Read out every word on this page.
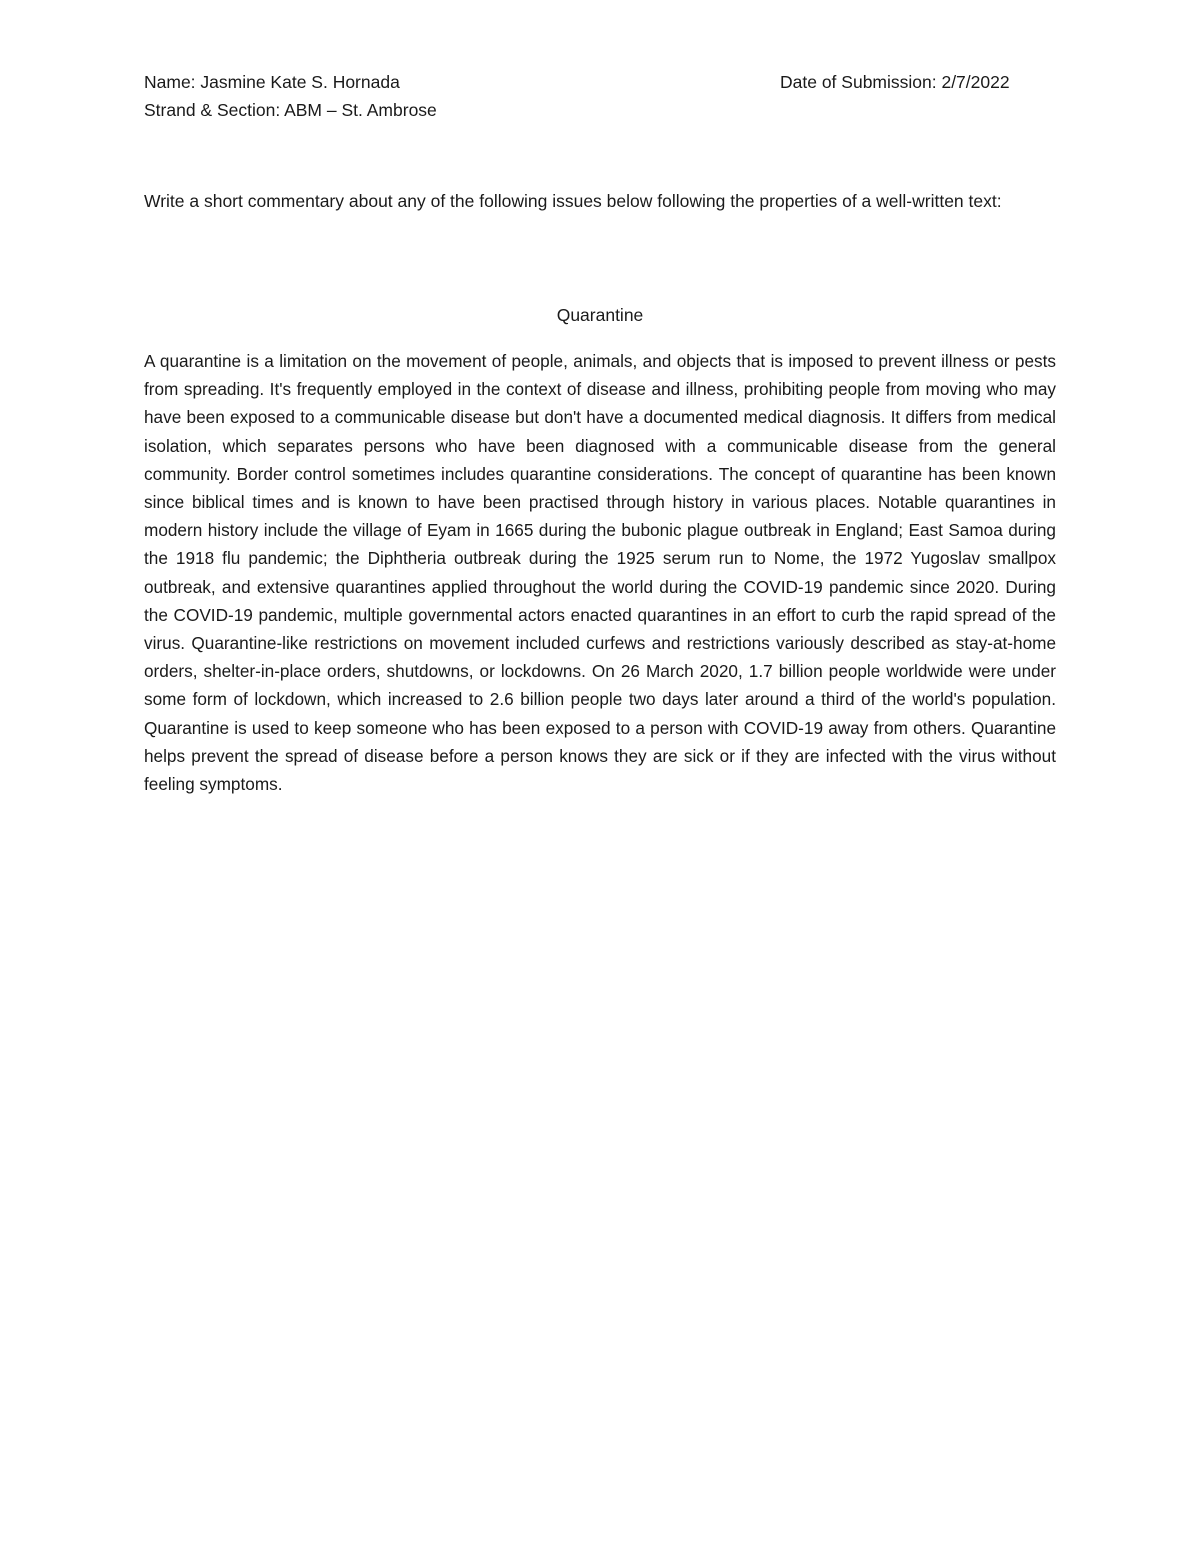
Name: Jasmine Kate S. Hornada	Date of Submission: 2/7/2022
Strand & Section: ABM – St. Ambrose
Write a short commentary about any of the following issues below following the properties of a well-written text:
Quarantine
A quarantine is a limitation on the movement of people, animals, and objects that is imposed to prevent illness or pests from spreading. It's frequently employed in the context of disease and illness, prohibiting people from moving who may have been exposed to a communicable disease but don't have a documented medical diagnosis. It differs from medical isolation, which separates persons who have been diagnosed with a communicable disease from the general community. Border control sometimes includes quarantine considerations. The concept of quarantine has been known since biblical times and is known to have been practised through history in various places. Notable quarantines in modern history include the village of Eyam in 1665 during the bubonic plague outbreak in England; East Samoa during the 1918 flu pandemic; the Diphtheria outbreak during the 1925 serum run to Nome, the 1972 Yugoslav smallpox outbreak, and extensive quarantines applied throughout the world during the COVID-19 pandemic since 2020. During the COVID-19 pandemic, multiple governmental actors enacted quarantines in an effort to curb the rapid spread of the virus. Quarantine-like restrictions on movement included curfews and restrictions variously described as stay-at-home orders, shelter-in-place orders, shutdowns, or lockdowns. On 26 March 2020, 1.7 billion people worldwide were under some form of lockdown, which increased to 2.6 billion people two days later around a third of the world's population. Quarantine is used to keep someone who has been exposed to a person with COVID-19 away from others. Quarantine helps prevent the spread of disease before a person knows they are sick or if they are infected with the virus without feeling symptoms.
